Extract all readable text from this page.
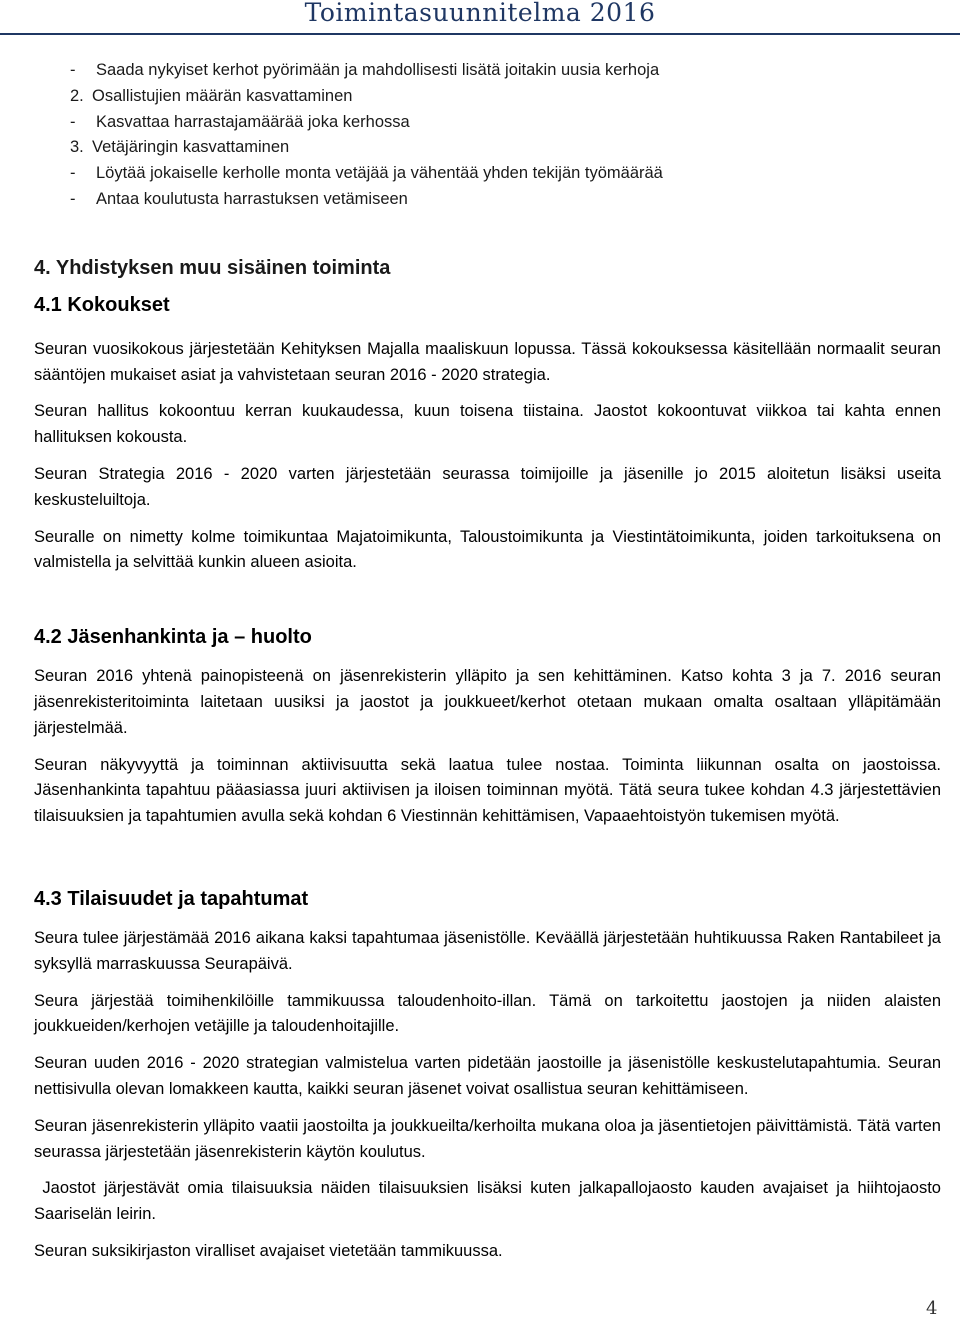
Toimintasuunnitelma 2016
-	Saada nykyiset kerhot pyörimään ja mahdollisesti lisätä joitakin uusia kerhoja
2. Osallistujien määrän kasvattaminen
-	Kasvattaa harrastajamäärää joka kerhossa
3. Vetäjäringin kasvattaminen
-	Löytää jokaiselle kerholle monta vetäjää ja vähentää yhden tekijän työmäärää
-	Antaa koulutusta harrastuksen vetämiseen
4. Yhdistyksen muu sisäinen toiminta
4.1 Kokoukset

Seuran vuosikokous järjestetään Kehityksen Majalla maaliskuun lopussa. Tässä kokouksessa käsitellään normaalit seuran sääntöjen mukaiset asiat ja vahvistetaan seuran 2016 - 2020 strategia.

Seuran hallitus kokoontuu kerran kuukaudessa, kuun toisena tiistaina. Jaostot kokoontuvat viikkoa tai kahta ennen hallituksen kokousta.

Seuran Strategia 2016 - 2020 varten järjestetään seurassa toimijoille ja jäsenille jo 2015 aloitetun lisäksi useita keskusteluiltoja.

Seuralle on nimetty kolme toimikuntaa Majatoimikunta, Taloustoimikunta ja Viestintätoimikunta, joiden tarkoituksena on valmistella ja selvittää kunkin alueen asioita.

4.2 Jäsenhankinta ja – huolto

Seuran 2016 yhtenä painopisteenä on jäsenrekisterin ylläpito ja sen kehittäminen. Katso kohta 3 ja 7. 2016 seuran jäsenrekisteritoiminta laitetaan uusiksi ja jaostot ja joukkueet/kerhot otetaan mukaan omalta osaltaan ylläpitämään järjestelmää.

Seuran näkyvyyttä ja toiminnan aktiivisuutta sekä laatua tulee nostaa. Toiminta liikunnan osalta on jaostoissa. Jäsenhankinta tapahtuu pääasiassa juuri aktiivisen ja iloisen toiminnan myötä. Tätä seura tukee kohdan 4.3 järjestettävien tilaisuuksien ja tapahtumien avulla sekä kohdan 6 Viestinnän kehittämisen, Vapaaehtoistyön tukemisen myötä.

4.3 Tilaisuudet ja tapahtumat

Seura tulee järjestämää 2016 aikana kaksi tapahtumaa jäsenistölle. Keväällä järjestetään huhtikuussa Raken Rantabileet ja syksyllä marraskuussa Seurapäivä.

Seura järjestää toimihenkilöille tammikuussa taloudenhoito-illan. Tämä on tarkoitettu jaostojen ja niiden alaisten joukkueiden/kerhojen vetäjille ja taloudenhoitajille.

Seuran uuden 2016 - 2020 strategian valmistelua varten pidetään jaostoille ja jäsenistölle keskustelutapahtumia. Seuran nettisivulla olevan lomakkeen kautta, kaikki seuran jäsenet voivat osallistua seuran kehittämiseen.

Seuran jäsenrekisterin ylläpito vaatii jaostoilta ja joukkueilta/kerhoilta mukana oloa ja jäsentietojen päivittämistä. Tätä varten seurassa järjestetään jäsenrekisterin käytön koulutus.

Jaostot järjestävät omia tilaisuuksia näiden tilaisuuksien lisäksi kuten jalkapallojaosto kauden avajaiset ja hiihtojaosto Saariselän leirin.

Seuran suksikirjaston viralliset avajaiset vietetään tammikuussa.

4
